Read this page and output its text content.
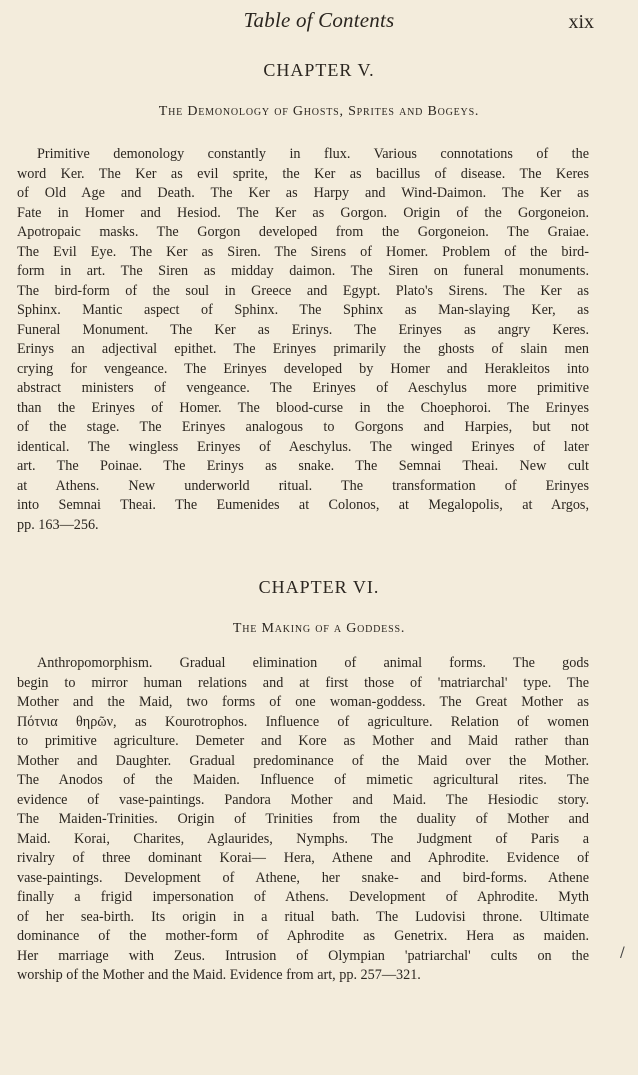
Table of Contents	xix
CHAPTER V.
The Demonology of Ghosts, Sprites and Bogeys.

Primitive demonology constantly in flux. Various connotations of the

word Ker. The Ker as evil sprite, the Ker as bacillus of disease. The Keres

of Old Age and Death. The Ker as Harpy and Wind-Daimon. The Ker as

Fate in Homer and Hesiod. The Ker as Gorgon. Origin of the Gorgoneion.

Apotropaic masks. The Gorgon developed from the Gorgoneion. The Graiae.

The Evil Eye. The Ker as Siren. The Sirens of Homer. Problem of the bird-

form in art. The Siren as midday daimon. The Siren on funeral monuments.

The bird-form of the soul in Greece and Egypt. Plato's Sirens. The Ker as

Sphinx. Mantic aspect of Sphinx. The Sphinx as Man-slaying Ker, as

Funeral Monument. The Ker as Erinys. The Erinyes as angry Keres.

Erinys an adjectival epithet. The Erinyes primarily the ghosts of slain men

crying for vengeance. The Erinyes developed by Homer and Herakleitos into

abstract ministers of vengeance. The Erinyes of Aeschylus more primitive

than the Erinyes of Homer. The blood-curse in the Choephoroi. The Erinyes

of the stage. The Erinyes analogous to Gorgons and Harpies, but not

identical. The wingless Erinyes of Aeschylus. The winged Erinyes of later

art. The Poinae. The Erinys as snake. The Semnai Theai. New cult

at Athens. New underworld ritual. The transformation of Erinyes

into Semnai Theai. The Eumenides at Colonos, at Megalopolis, at Argos,

pp. 163—256.

CHAPTER VI.
The Making of a Goddess.

Anthropomorphism. Gradual elimination of animal forms. The gods

begin to mirror human relations and at first those of 'matriarchal' type. The

Mother and the Maid, two forms of one woman-goddess. The Great Mother as

Πότνια θηρῶν, as Kourotrophos. Influence of agriculture. Relation of women

to primitive agriculture. Demeter and Kore as Mother and Maid rather than

Mother and Daughter. Gradual predominance of the Maid over the Mother.

The Anodos of the Maiden. Influence of mimetic agricultural rites. The

evidence of vase-paintings. Pandora Mother and Maid. The Hesiodic story.

The Maiden-Trinities. Origin of Trinities from the duality of Mother and

Maid. Korai, Charites, Aglaurides, Nymphs. The Judgment of Paris a

rivalry of three dominant Korai— Hera, Athene and Aphrodite. Evidence of

vase-paintings. Development of Athene, her snake- and bird-forms. Athene

finally a frigid impersonation of Athens. Development of Aphrodite. Myth

of her sea-birth. Its origin in a ritual bath. The Ludovisi throne. Ultimate

dominance of the mother-form of Aphrodite as Genetrix. Hera as maiden.

Her marriage with Zeus. Intrusion of Olympian 'patriarchal' cults on the

worship of the Mother and the Maid. Evidence from art, pp. 257—321.

/
